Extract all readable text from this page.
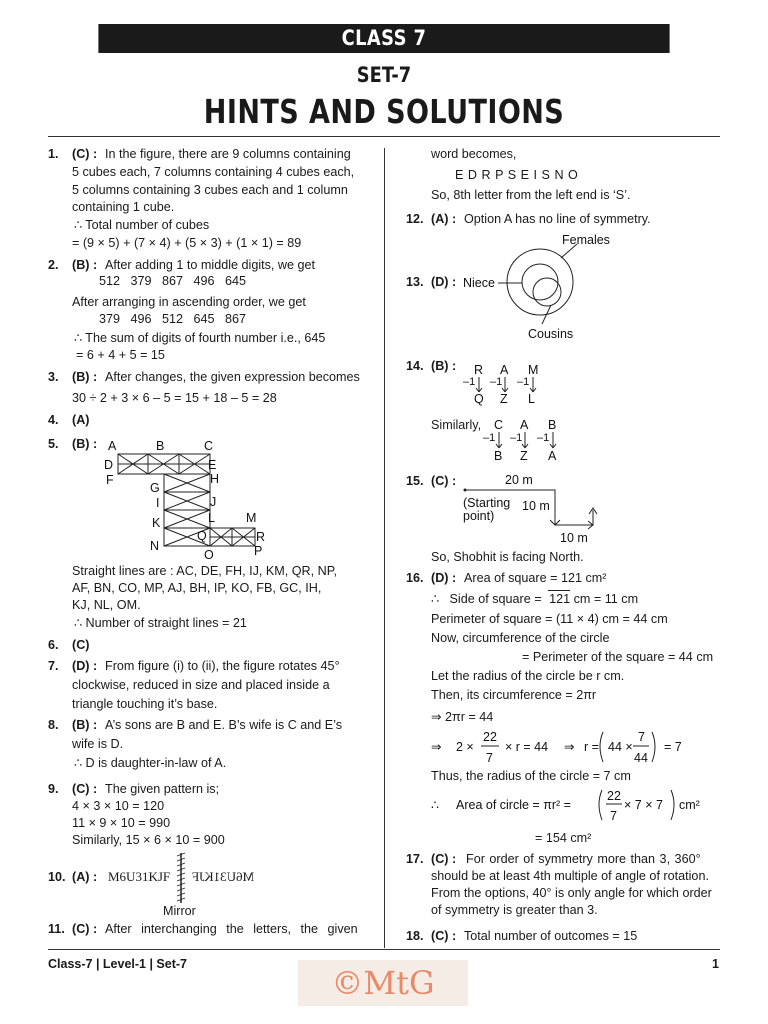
CLASS 7
SET-7
HINTS AND SOLUTIONS
1. (C) : In the figure, there are 9 columns containing
5 cubes each, 7 columns containing 4 cubes each,
5 columns containing 3 cubes each and 1 column
containing 1 cube.
∴ Total number of cubes
= (9 × 5) + (7 × 4) + (5 × 3) + (1 × 1) = 89
2. (B) : After adding 1 to middle digits, we get
512   379   867   496   645
After arranging in ascending order, we get
379   496   512   645   867
∴ The sum of digits of fourth number i.e., 645
= 6 + 4 + 5 = 15
3. (B) : After changes, the given expression becomes
30 ÷ 2 + 3 × 6 – 5 = 15 + 18 – 5 = 28
4. (A)
5. (B) : A	B	C
D	E
F
G
H
I	J
K	L M
N
O	P
Q	R
Straight lines are : AC, DE, FH, IJ, KM, QR, NP,
AF, BN, CO, MP, AJ, BH, IP, KO, FB, GC, IH,
KJ, NL, OM.
∴ Number of straight lines = 21
6. (C)
7. (D) : From figure (i) to (ii), the figure rotates 45°
clockwise, reduced in size and placed inside a
triangle touching it’s base.
8. (B) : A’s sons are B and E. B’s wife is C and E’s
wife is D.
∴ D is daughter-in-law of A.
9. (C) : The given pattern is;
4 × 3 × 10 = 120
11 × 9 × 10 = 990
Similarly, 15 × 6 × 10 = 900
10. (A) : M6U31KJF M6U31KJF
Mirror
11. (C) : After interchanging the letters, the given
word becomes,
E D R P S E I S N O
So, 8th letter from the left end is ‘S’.
12. (A) : Option A has no line of symmetry.
13. (D) :
Females
Niece
Cousins
14. (B) : R A M
–1 –1 –1
Q Z L
Similarly, C A B
–1 –1 –1
B Z A
15. (C) :	20 m
10 m
10 m
(Starting
point)
So, Shobhit is facing North.
16. (D) : Area of square = 121 cm²
∴   Side of square = 121 cm = 11 cm
Perimeter of square = (11 × 4) cm = 44 cm
Now, circumference of the circle
= Perimeter of the square = 44 cm
Let the radius of the circle be r cm.
Then, its circumference = 2πr
⇒ 2πr = 44
⇒ 2 ×
22
7
× r = 44 ⇒ r = 44 ×
7
44
= 7
Thus, the radius of the circle = 7 cm
∴ Area of circle = πr² =
22
7
× 7 × 7 cm²
= 154 cm²
17. (C) : For order of symmetry more than 3, 360°
should be at least 4th multiple of angle of rotation.
From the options, 40° is only angle for which order
of symmetry is greater than 3.
18. (C) : Total number of outcomes = 15
Class-7 | Level-1 | Set-7	1
©MtG
